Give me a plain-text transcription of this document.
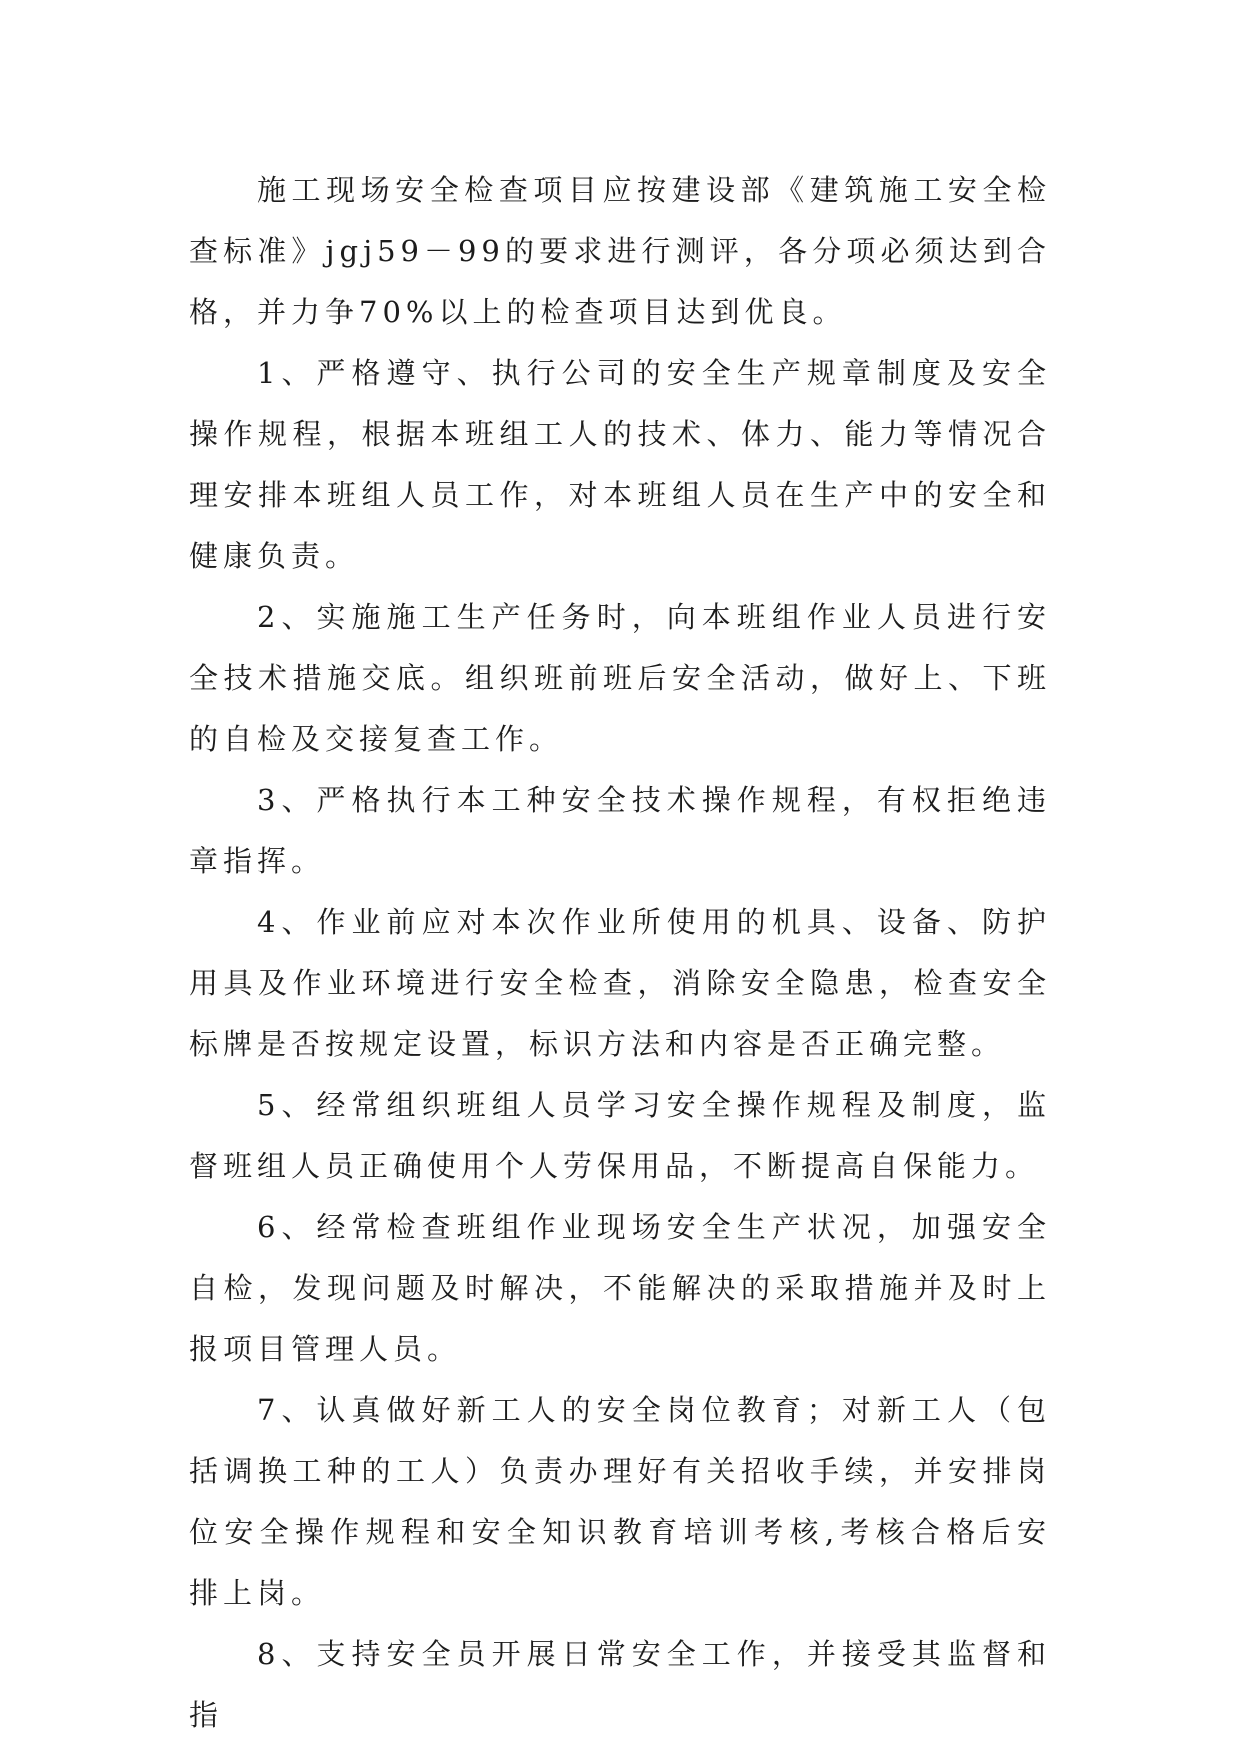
施工现场安全检查项目应按建设部《建筑施工安全检查标准》jgj59－99的要求进行测评，各分项必须达到合格，并力争70%以上的检查项目达到优良。

1、严格遵守、执行公司的安全生产规章制度及安全操作规程，根据本班组工人的技术、体力、能力等情况合理安排本班组人员工作，对本班组人员在生产中的安全和健康负责。

2、实施施工生产任务时，向本班组作业人员进行安全技术措施交底。组织班前班后安全活动，做好上、下班的自检及交接复查工作。

3、严格执行本工种安全技术操作规程，有权拒绝违章指挥。

4、作业前应对本次作业所使用的机具、设备、防护用具及作业环境进行安全检查，消除安全隐患，检查安全标牌是否按规定设置，标识方法和内容是否正确完整。

5、经常组织班组人员学习安全操作规程及制度，监督班组人员正确使用个人劳保用品，不断提高自保能力。

6、经常检查班组作业现场安全生产状况，加强安全自检，发现问题及时解决，不能解决的采取措施并及时上报项目管理人员。

7、认真做好新工人的安全岗位教育；对新工人（包括调换工种的工人）负责办理好有关招收手续，并安排岗位安全操作规程和安全知识教育培训考核,考核合格后安排上岗。

8、支持安全员开展日常安全工作，并接受其监督和指
